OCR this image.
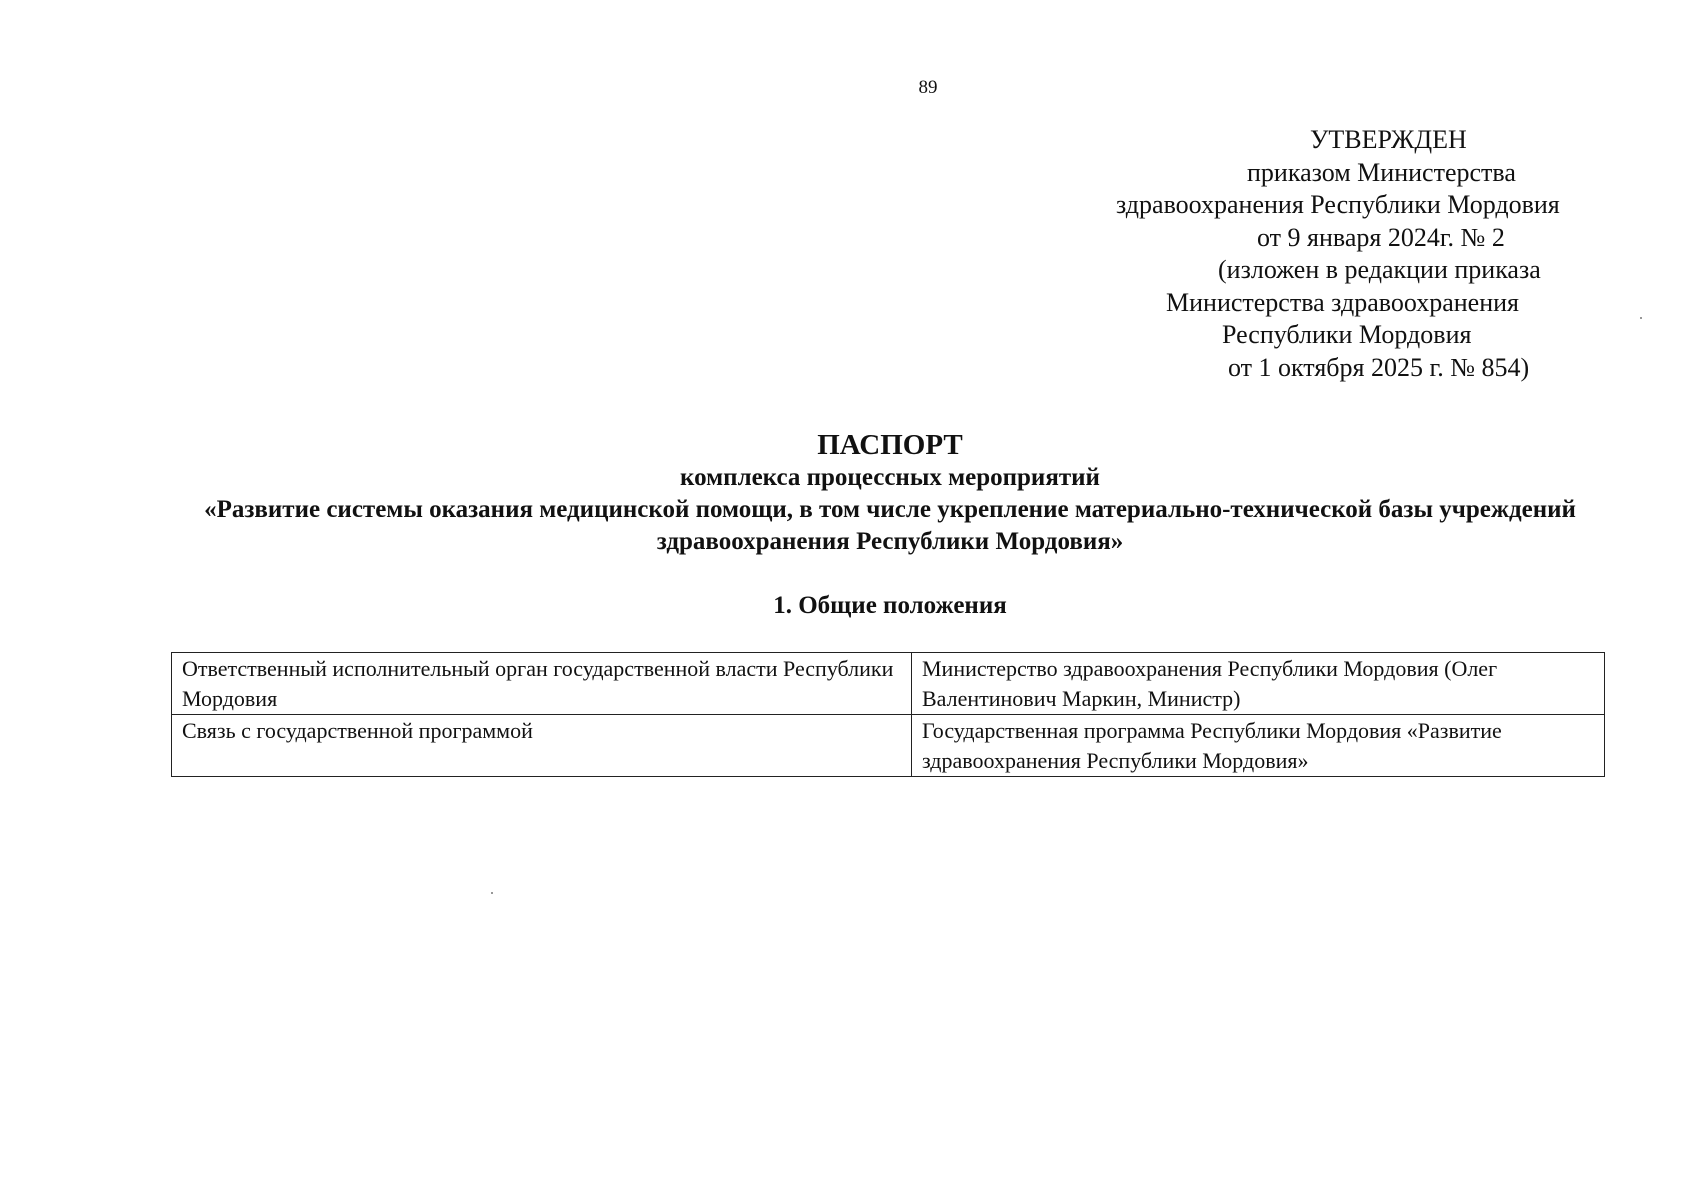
89
УТВЕРЖДЕН
приказом Министерства
здравоохранения Республики Мордовия
от 9 января 2024г. № 2
(изложен в редакции приказа
Министерства здравоохранения
Республики Мордовия
от 1 октября 2025 г. № 854)
ПАСПОРТ
комплекса процессных мероприятий
«Развитие системы оказания медицинской помощи, в том числе укрепление материально-технической базы учреждений здравоохранения Республики Мордовия»
1. Общие положения
Ответственный исполнительный орган государственной власти Республики Мордовия	Министерство здравоохранения Республики Мордовия (Олег Валентинович Маркин, Министр)
Связь с государственной программой	Государственная программа Республики Мордовия «Развитие здравоохранения Республики Мордовия»
